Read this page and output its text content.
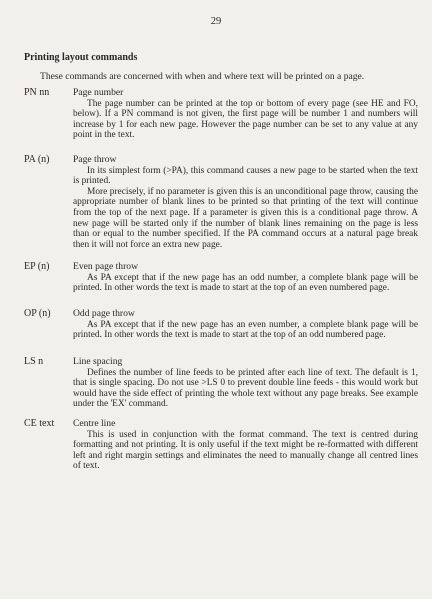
29
Printing layout commands
These commands are concerned with when and where text will be printed on a page.
PN nn	Page number

The page number can be printed at the top or bottom of every page (see HE and FO, below). If a PN command is not given, the first page will be number 1 and numbers will increase by 1 for each new page. However the page number can be set to any value at any point in the text.

PA (n)	Page throw

In its simplest form (>PA), this command causes a new page to be started when the text is printed.

More precisely, if no parameter is given this is an unconditional page throw, causing the appropriate number of blank lines to be printed so that printing of the text will continue from the top of the next page. If a parameter is given this is a conditional page throw. A new page will be started only if the number of blank lines remaining on the page is less than or equal to the number specified. If the PA command occurs at a natural page break then it will not force an extra new page.

EP (n)	Even page throw

As PA except that if the new page has an odd number, a complete blank page will be printed. In other words the text is made to start at the top of an even numbered page.

OP (n)	Odd page throw

As PA except that if the new page has an even number, a complete blank page will be printed. In other words the text is made to start at the top of an odd numbered page.

LS n	Line spacing

Defines the number of line feeds to be printed after each line of text. The default is 1, that is single spacing. Do not use >LS 0 to prevent double line feeds - this would work but would have the side effect of printing the whole text without any page breaks. See example under the 'EX' command.

CE text	Centre line

This is used in conjunction with the format command. The text is centred during formatting and not printing. It is only useful if the text might be re-formatted with different left and right margin settings and eliminates the need to manually change all centred lines of text.
